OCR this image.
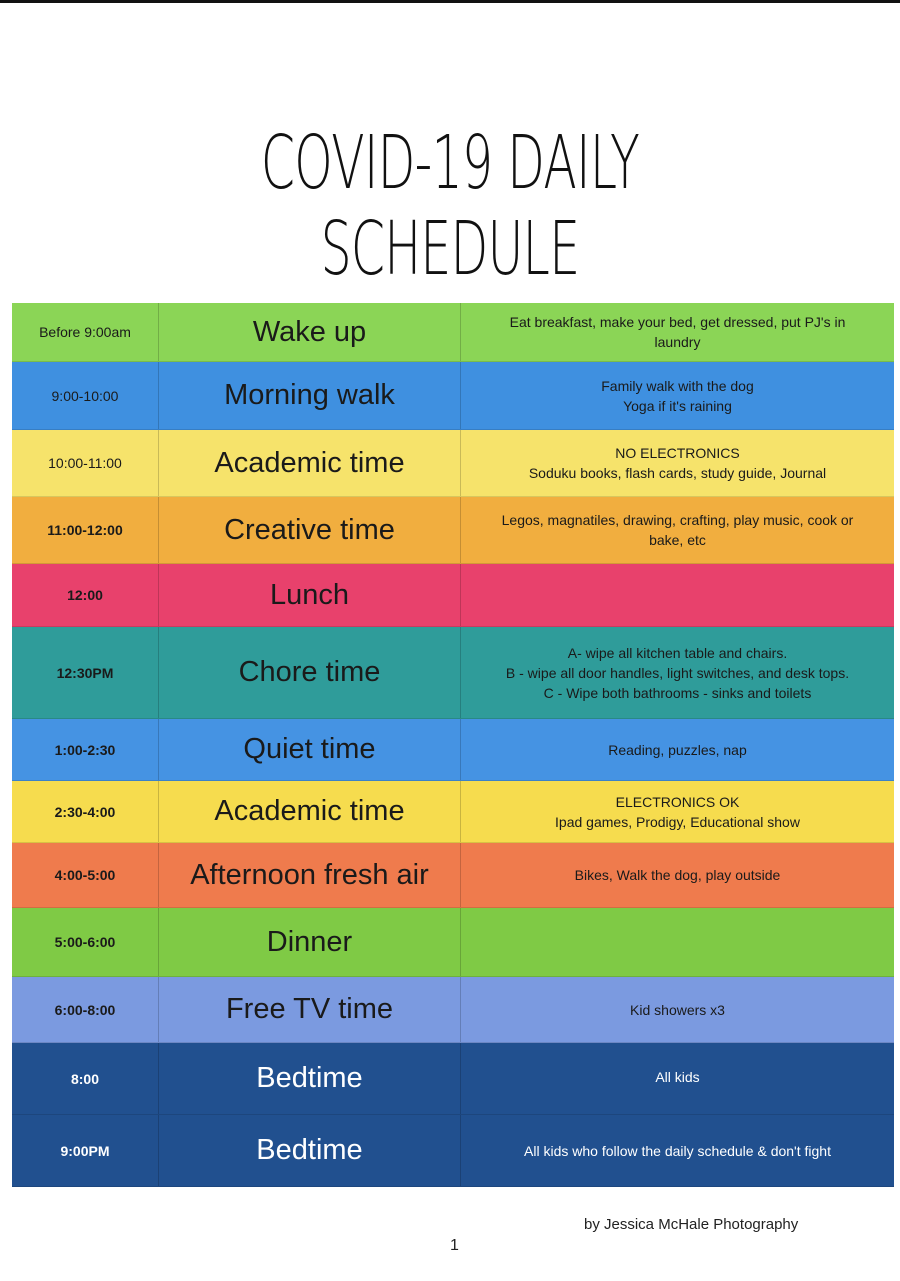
COVID-19 DAILY SCHEDULE
Before 9:00am	Wake up	Eat breakfast, make your bed, get dressed, put PJ's in
laundry
9:00-10:00	Morning walk	Family walk with the dog
Yoga if it's raining
10:00-11:00	Academic time	NO ELECTRONICS
Soduku books, flash cards, study guide, Journal
11:00-12:00	Creative time	Legos, magnatiles, drawing, crafting, play music, cook or
bake, etc
12:00	Lunch
12:30PM	Chore time
A- wipe all kitchen table and chairs.
B - wipe all door handles, light switches, and desk tops.
C - Wipe both bathrooms - sinks and toilets
1:00-2:30	Quiet time	Reading, puzzles, nap
2:30-4:00	Academic time	ELECTRONICS OK
Ipad games, Prodigy, Educational show
4:00-5:00	Afternoon fresh air	Bikes, Walk the dog, play outside
5:00-6:00	Dinner
6:00-8:00	Free TV time	Kid showers x3
8:00	Bedtime	All kids
9:00PM	Bedtime	All kids who follow the daily schedule & don't fight
by Jessica McHale Photography
1
